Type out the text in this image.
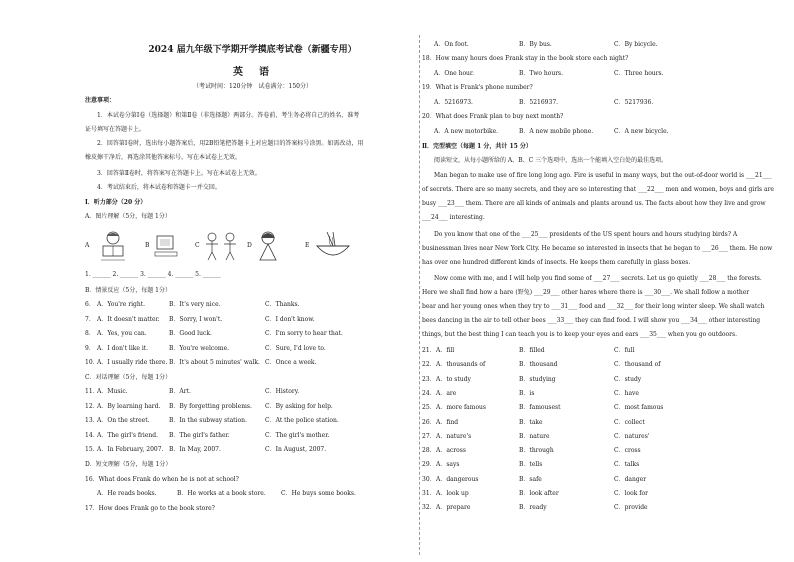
2024 届九年级下学期开学摸底考试卷（新疆专用）
英　语
（考试时间：120分钟　试卷满分：150分）
注意事项：
1．本试卷分第Ⅰ卷（选择题）和第Ⅱ卷（非选择题）两部分。答卷前，考生务必将自己的姓名、准考
证号填写在答题卡上。
2．回答第Ⅰ卷时，选出每小题答案后，用2B铅笔把答题卡上对应题目的答案标号涂黑。如需改动，用
橡皮擦干净后，再选涂其他答案标号。写在本试卷上无效。
3．回答第Ⅱ卷时，将答案写在答题卡上。写在本试卷上无效。
4．考试结束后，将本试卷和答题卡一并交回。
Ⅰ．听力部分（20 分）
A．图片理解（5分，每题 1分）
A	B	C	D	E
1. ______ 2. ______ 3. ______ 4. ______ 5. ______
B．情景反应（5分，每题 1分）
6． A．You're right.	B．It's very nice.	C．Thanks.
7． A．It doesn't matter. B．Sorry, I won't.	C．I don't know.
8． A．Yes, you can.	B．Good luck.	C．I'm sorry to hear that.
9． A．I don't like it.	B．You're welcome.	C．Sure, I'd love to.
10．
A．I usually ride there. B．It's about 5 minutes' walk. C．Once a week.
C．对话理解（5分，每题 1分）
11．
A．Music.	B．Art.	C．History.
12．
A．By learning hard. B．By forgetting problems. C．By asking for help.
13．
A．On the street.	B．In the subway station.	C．At the police station.
14．
A．The girl's friend. B．The girl's father.	C．The girl's mother.
15．
A．In February, 2007. B．In May, 2007.	C．In August, 2007.
D．短文理解（5分，每题 1分）
16．What does Frank do when he is not at school?
A．He reads books.	B．He works at a book store.	C．He buys some books.
17．How does Frank go to the book store?
A．On foot.	B．By bus.	C．By bicycle.
18．How many hours does Frank stay in the book store each night?
A．One hour.	B．Two hours.	C．Three hours.
19．What is Frank's phone number?
A．5216973.	B．5216937.	C．5217936.
20．What does Frank plan to buy next month?
A．A new motorbike.	B．A new mobile phone.	C．A new bicycle.
Ⅱ．完型填空（每题 1 分，共计 15 分）
阅读短文，从每小题所给的 A、B、C 三个选项中，选出一个能填入空白处的最佳选项。
Man began to make use of fire long long ago. Fire is useful in many ways, but the out-of-door world is ___21___
of secrets. There are so many secrets, and they are so interesting that ___22___ men and women, boys and girls are
busy ___23___ them. There are all kinds of animals and plants around us. The facts about how they live and grow
___24___ interesting.
Do you know that one of the ___25___ presidents of the US spent hours and hours studying birds? A
businessman lives near New York City. He became so interested in insects that he began to ___26___ them. He now
has over one hundred different kinds of insects. He keeps them carefully in glass boxes.
Now come with me, and I will help you find some of ___27___ secrets. Let us go quietly ___28___ the forests.
Here we shall find how a hare (野兔) ___29___ other hares where there is ___30___. We shall follow a mother
bear and her young ones when they try to ___31___ food and ___32___ for their long winter sleep. We shall watch
bees dancing in the air to tell other bees ___33___ they can find food. I will show you ___34___ other interesting
things, but the best thing I can teach you is to keep your eyes and ears ___35___ when you go outdoors.
21． A．fill	B．filled	C．full
22． A．thousands of	B．thousand	C．thousand of
23． A．to study	B．studying	C．study
24． A．are	B．is	C．have
25． A．more famous	B．famousest	C．most famous
26． A．find	B．take	C．collect
27． A．nature's	B．nature	C．natures'
28． A．across	B．through	C．cross
29． A．says	B．tells	C．talks
30． A．dangerous	B．safe	C．danger
31． A．look up	B．look after	C．look for
32． A．prepare	B．ready	C．provide
